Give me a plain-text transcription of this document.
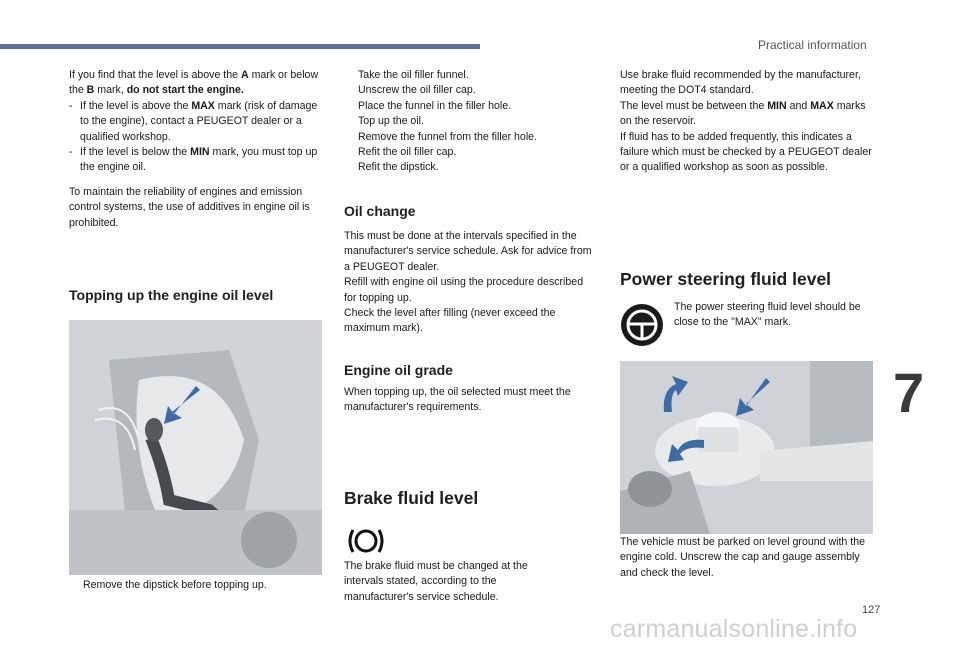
Practical information

If you find that the level is above the A mark or below the B mark, do not start the engine.

- If the level is above the MAX mark (risk of damage to the engine), contact a PEUGEOT dealer or a qualified workshop.

- If the level is below the MIN mark, you must top up the engine oil.

To maintain the reliability of engines and emission control systems, the use of additives in engine oil is prohibited.

Topping up the engine oil level
Remove the dipstick before topping up.

Take the oil filler funnel.

Unscrew the oil filler cap.

Place the funnel in the filler hole.

Top up the oil.

Remove the funnel from the filler hole.

Refit the oil filler cap.

Refit the dipstick.

Oil change

This must be done at the intervals specified in the manufacturer's service schedule. Ask for advice from a PEUGEOT dealer.

Refill with engine oil using the procedure described for topping up.

Check the level after filling (never exceed the maximum mark).

Engine oil grade
When topping up, the oil selected must meet the manufacturer's requirements.
Brake fluid level
The brake fluid must be changed at the intervals stated, according to the manufacturer's service schedule.

Use brake fluid recommended by the manufacturer, meeting the DOT4 standard.

The level must be between the MIN and MAX marks on the reservoir.

If fluid has to be added frequently, this indicates a failure which must be checked by a PEUGEOT dealer or a qualified workshop as soon as possible.

Power steering fluid level
The power steering fluid level should be close to the "MAX" mark.
The vehicle must be parked on level ground with the engine cold. Unscrew the cap and gauge assembly and check the level.
7
127
carmanualsonline.info
